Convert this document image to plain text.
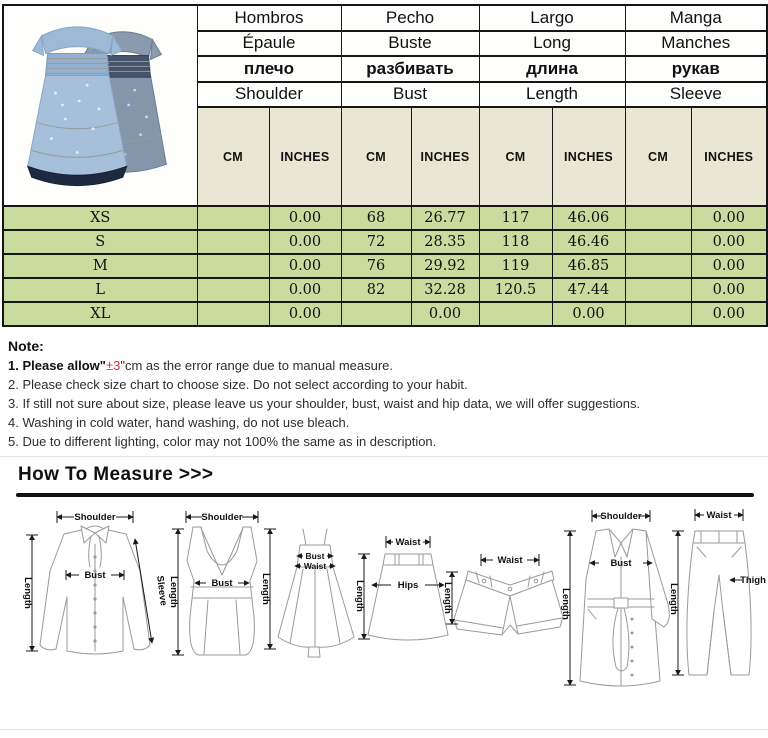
	Hombros		Pecho		Largo		Manga	
	Épaule		Buste		Long		Manches	
	плечо		разбивать		длина		рукав	
	Shoulder		Bust		Length		Sleeve	
	CM	INCHES	CM	INCHES	CM	INCHES	CM	INCHES
XS		0.00	68	26.77	117	46.06		0.00
S		0.00	72	28.35	118	46.46		0.00
M		0.00	76	29.92	119	46.85		0.00
L		0.00	82	32.28	120.5	47.44		0.00
XL		0.00		0.00		0.00		0.00
Note:
1. Please allow"±3"cm as the error range due to manual measure.
2. Please check size chart to choose size. Do not select according to your habit.
3. If still not sure about size, please leave us your shoulder, bust, waist and hip data, we will offer suggestions.
4. Washing in cold water, hand washing, do not use bleach.
5. Due to different lighting, color may not 100% the same as in description.
How To Measure >>>
Shoulder
Bust
Length	Sleeve
Shoulder
Bust
Length
Bust
Waist
Length
Waist
Hips
Length
Waist
Length
Shoulder
Bust
Length
Waist
Thigh
Length
